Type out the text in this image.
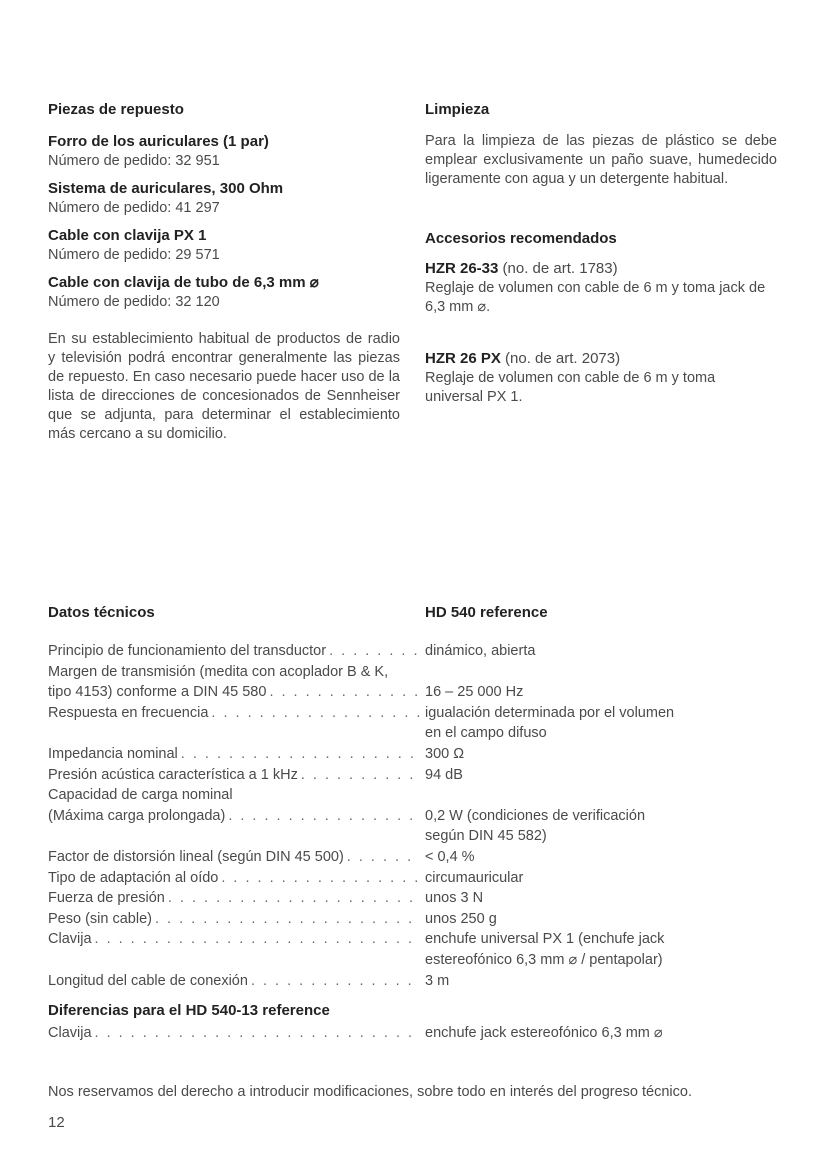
Piezas de repuesto

Forro de los auriculares (1 par)

Número de pedido: 32 951

Sistema de auriculares, 300 Ohm

Número de pedido: 41 297

Cable con clavija PX 1

Número de pedido: 29 571

Cable con clavija de tubo de 6,3 mm ⌀

Número de pedido: 32 120

En su establecimiento habitual de productos de radio y televisión podrá encontrar generalmente las piezas de repuesto. En caso necesario puede hacer uso de la lista de direcciones de concesionados de Sennheiser que se adjunta, para determinar el establecimiento más cercano a su domicilio.

Limpieza

Para la limpieza de las piezas de plástico se debe emplear exclusivamente un paño suave, humedecido ligeramente con agua y un detergente habitual.

Accesorios recomendados

HZR 26-33 (no. de art. 1783)

Reglaje de volumen con cable de 6 m y toma jack de 6,3 mm ⌀.

HZR 26 PX (no. de art. 2073)

Reglaje de volumen con cable de 6 m y toma universal PX 1.

Datos técnicos	HD 540 reference

Principio de funcionamiento del transductor . . .	dinámico, abierta
Margen de transmisión (medita con acoplador B & K,
tipo 4153) conforme a DIN 45 580 . . .	16 – 25 000 Hz
Respuesta en frecuencia . . .	igualación determinada por el volumen
en el campo difuso
Impedancia nominal . . .	300 Ω
Presión acústica característica a 1 kHz . . .	94 dB
Capacidad de carga nominal
(Máxima carga prolongada) . . .	0,2 W (condiciones de verificación
según DIN 45 582)
Factor de distorsión lineal (según DIN 45 500) . . .	< 0,4 %
Tipo de adaptación al oído . . .	circumauricular
Fuerza de presión . . .	unos 3 N
Peso (sin cable) . . .	unos 250 g
Clavija . . .	enchufe universal PX 1 (enchufe jack
estereofónico 6,3 mm ⌀ / pentapolar)
Longitud del cable de conexión . . .	3 m

Diferencias para el HD 540-13 reference

Clavija . . .	enchufe jack estereofónico 6,3 mm ⌀
Nos reservamos del derecho a introducir modificaciones, sobre todo en interés del progreso técnico.
12
